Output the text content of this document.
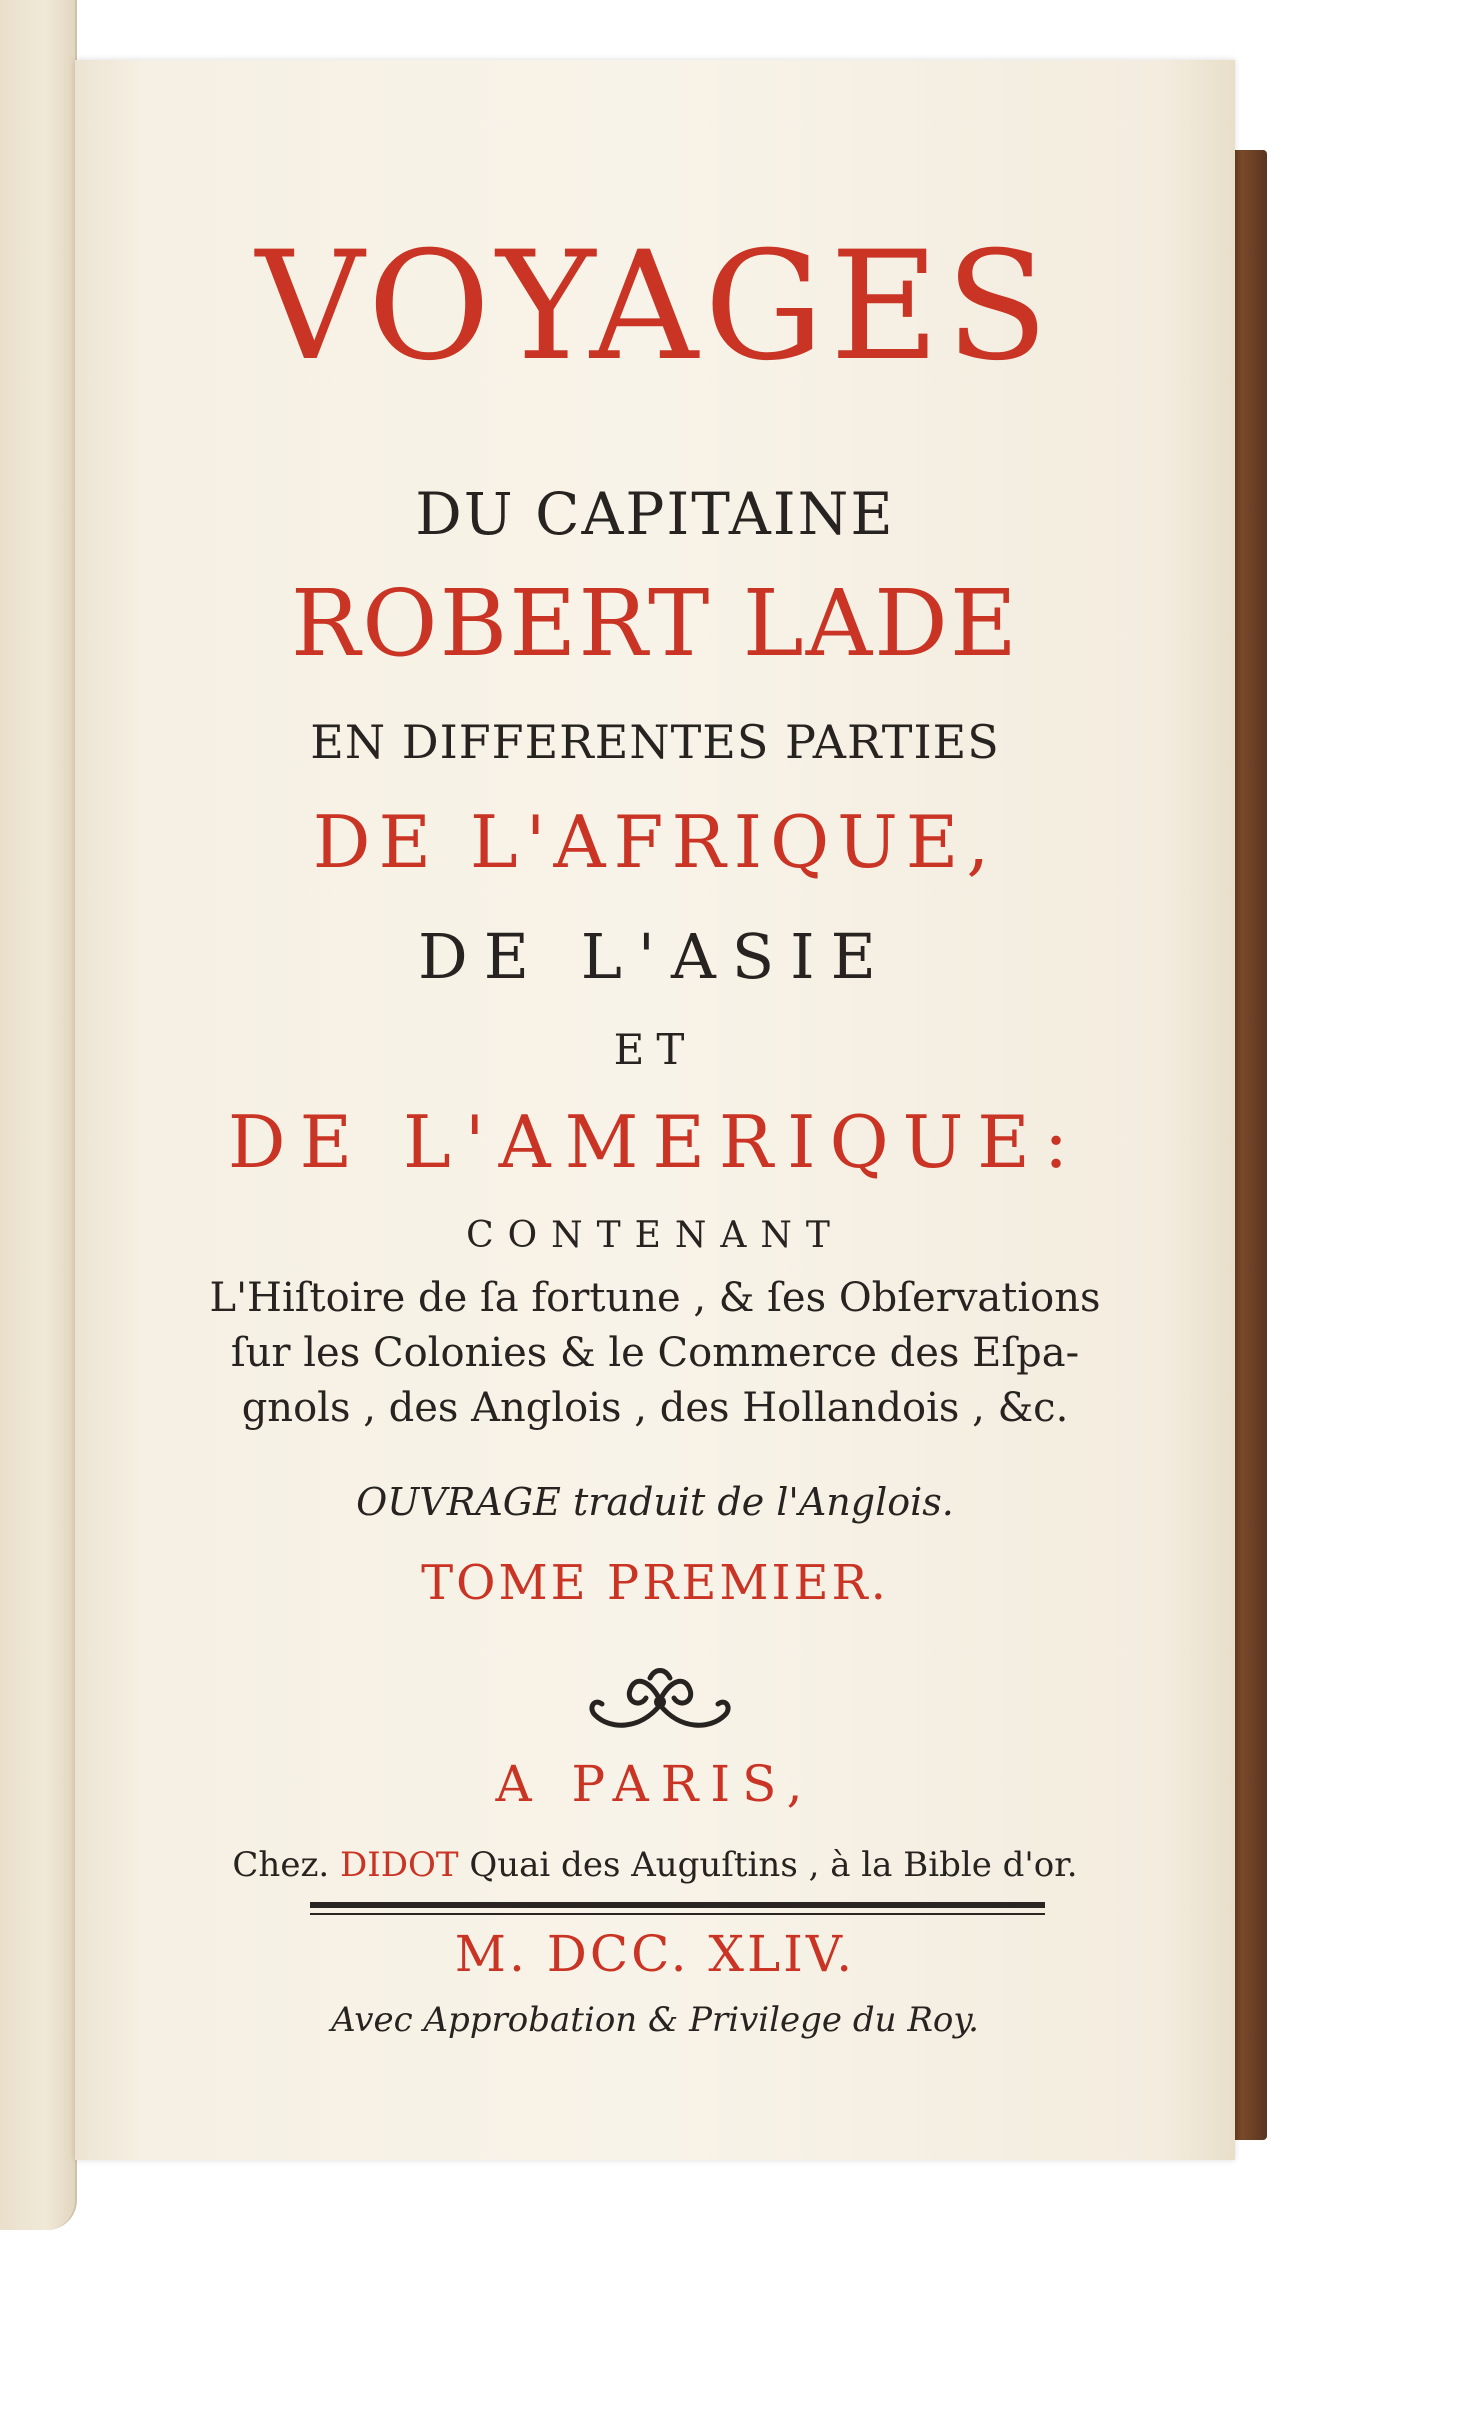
VOYAGES
DU CAPITAINE
ROBERT LADE
EN DIFFERENTES PARTIES
DE L'AFRIQUE,
DE L'ASIE
ET
DE L'AMERIQUE:
CONTENANT
L'Hiſtoire de ſa fortune , & ſes Obſervations
ſur les Colonies & le Commerce des Eſpa-
gnols , des Anglois , des Hollandois , &c.
OUVRAGE traduit de l'Anglois.
TOME PREMIER.
A PARIS,
Chez. DIDOT Quai des Auguſtins , à la Bible d'or.
M. DCC. XLIV.
Avec Approbation & Privilege du Roy.
